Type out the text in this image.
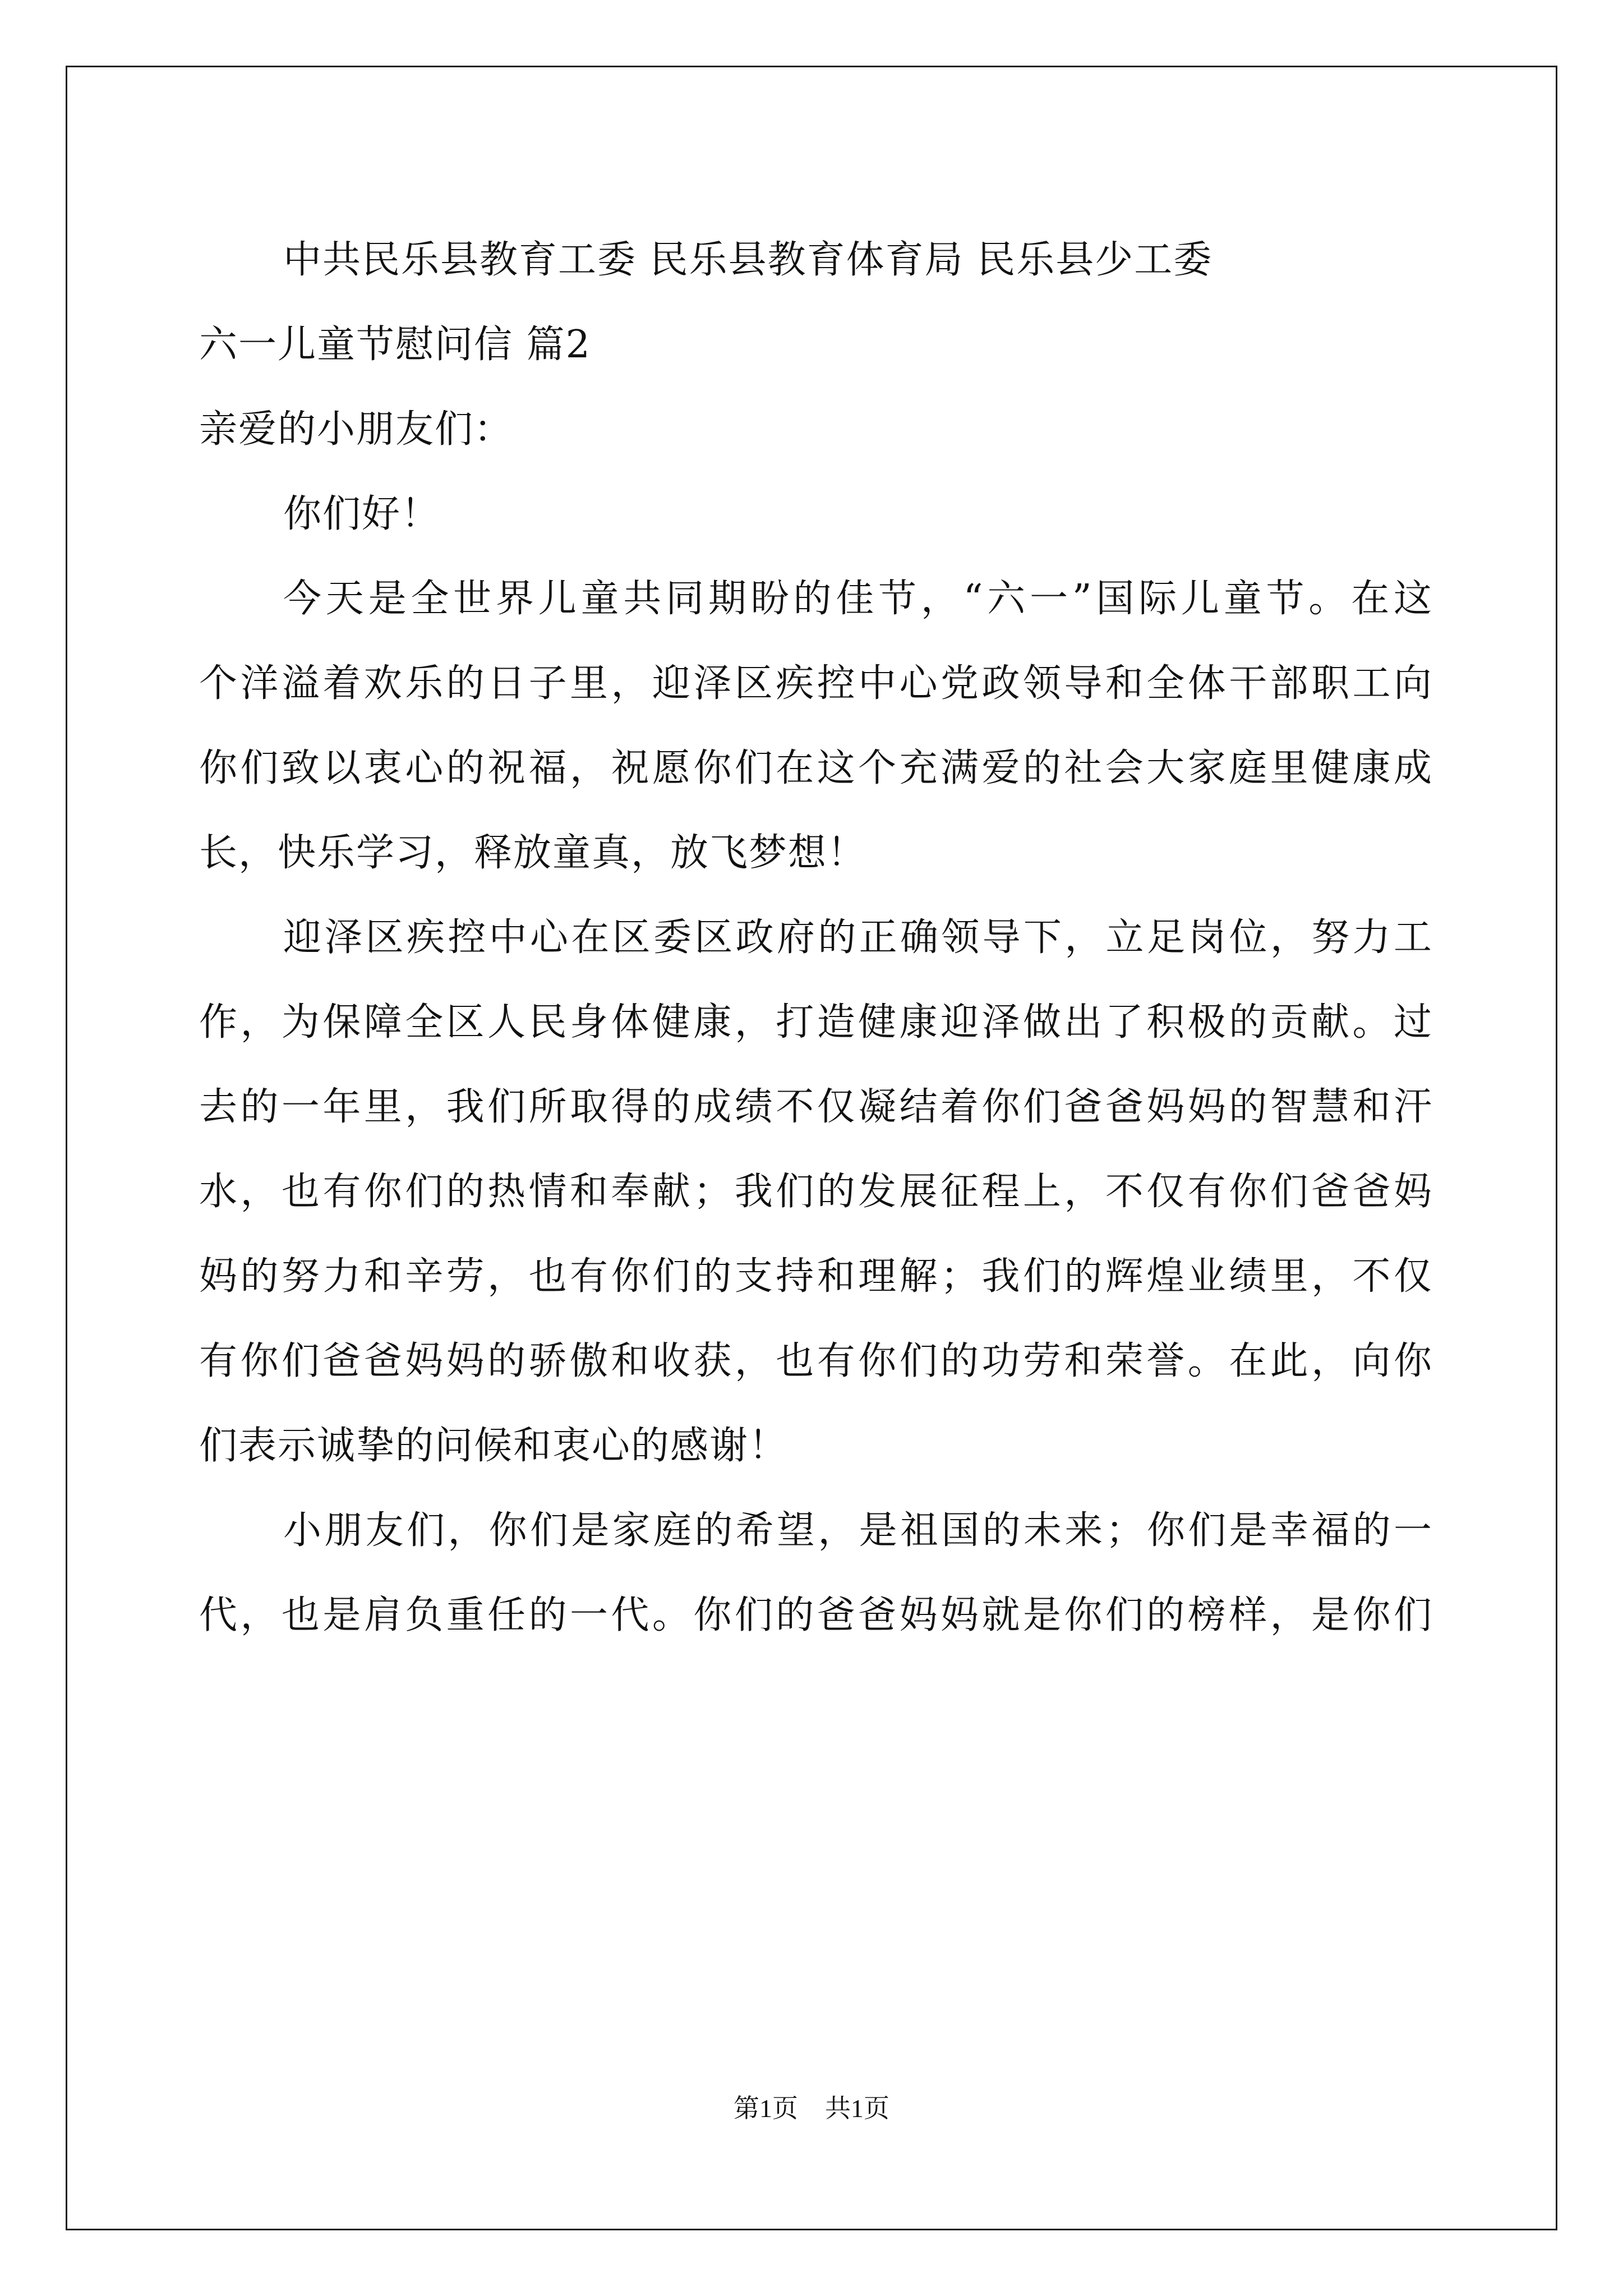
中共民乐县教育工委 民乐县教育体育局 民乐县少工委
六一儿童节慰问信 篇2
亲爱的小朋友们：
你们好！
今天是全世界儿童共同期盼的佳节，“六一”国际儿童节。在这
个洋溢着欢乐的日子里，迎泽区疾控中心党政领导和全体干部职工向
你们致以衷心的祝福，祝愿你们在这个充满爱的社会大家庭里健康成
长，快乐学习，释放童真，放飞梦想！
迎泽区疾控中心在区委区政府的正确领导下，立足岗位，努力工
作，为保障全区人民身体健康，打造健康迎泽做出了积极的贡献。过
去的一年里，我们所取得的成绩不仅凝结着你们爸爸妈妈的智慧和汗
水，也有你们的热情和奉献；我们的发展征程上，不仅有你们爸爸妈
妈的努力和辛劳，也有你们的支持和理解；我们的辉煌业绩里，不仅
有你们爸爸妈妈的骄傲和收获，也有你们的功劳和荣誉。在此，向你
们表示诚挚的问候和衷心的感谢！
小朋友们，你们是家庭的希望，是祖国的未来；你们是幸福的一
代，也是肩负重任的一代。你们的爸爸妈妈就是你们的榜样，是你们
第1页 共1页
